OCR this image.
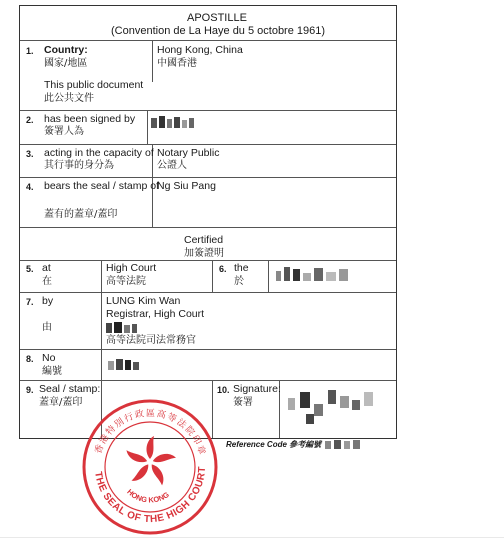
APOSTILLE
(Convention de La Haye du 5 octobre 1961)
1. Country:
國家/地區
Hong Kong, China
中國香港
This public document
此公共文件
2. has been signed by
簽署人為
3. acting in the capacity of
其行事的身分為
Notary Public
公證人
4. bears the seal / stamp of
蓋有的蓋章/蓋印
Ng Siu Pang
Certified
加簽證明
5. at
在
High Court
高等法院
6. the
於
7. by
由
LUNG Kim Wan
Registrar, High Court
高等法院司法常務官
8. No
編號
9. Seal / stamp:
蓋章/蓋印
10. Signature:
簽署
Reference Code 參考編號
香港特別行政區高等法院印章
THE SEAL OF THE HIGH COURT
HONG KONG
